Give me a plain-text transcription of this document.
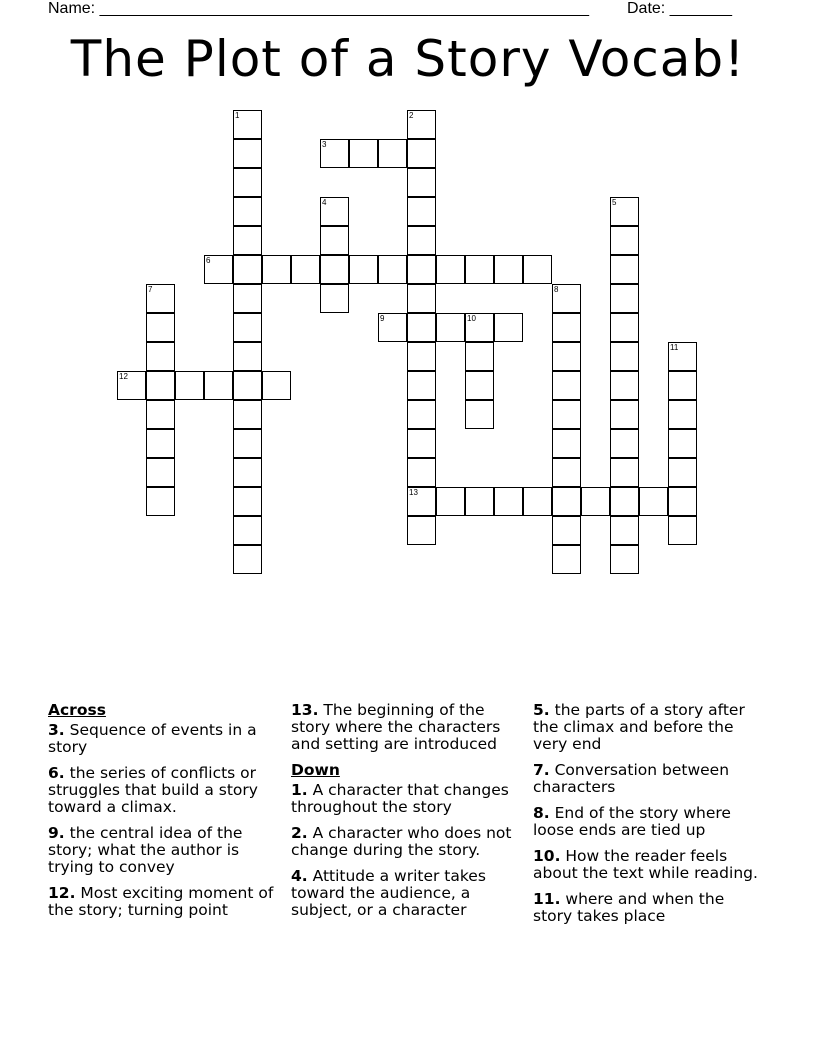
Name: _______________________________________________________ Date: _______
The Plot of a Story Vocab!
1	2
13
3
4	5
6
7	8
9	10
11
12
Across
3. Sequence of events in a story
6. the series of conflicts or struggles that build a story toward a climax.
9. the central idea of the story; what the author is trying to convey
12. Most exciting moment of the story; turning point
13. The beginning of the story where the characters and setting are introduced
Down
1. A character that changes throughout the story
2. A character who does not change during the story.
4. Attitude a writer takes toward the audience, a subject, or a character
5. the parts of a story after the climax and before the very end
7. Conversation between characters
8. End of the story where loose ends are tied up
10. How the reader feels about the text while reading.
11. where and when the story takes place
